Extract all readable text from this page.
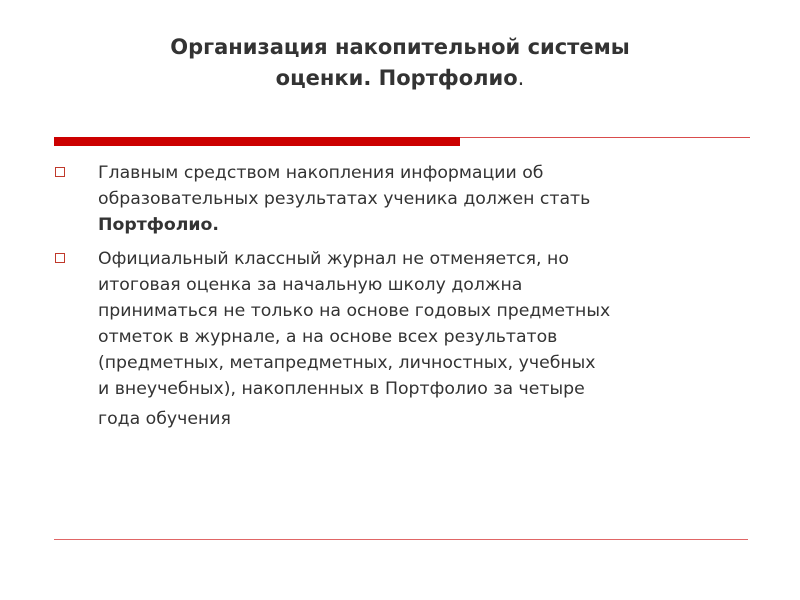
Организация накопительной системы
оценки. Портфолио.
Главным средством накопления информации об
образовательных результатах ученика должен стать
Портфолио.
Официальный классный журнал не отменяется, но
итоговая оценка за начальную школу должна
приниматься не только на основе годовых предметных
отметок в журнале, а на основе всех результатов
(предметных, метапредметных, личностных, учебных
и внеучебных), накопленных в Портфолио за четыре
года обучения
